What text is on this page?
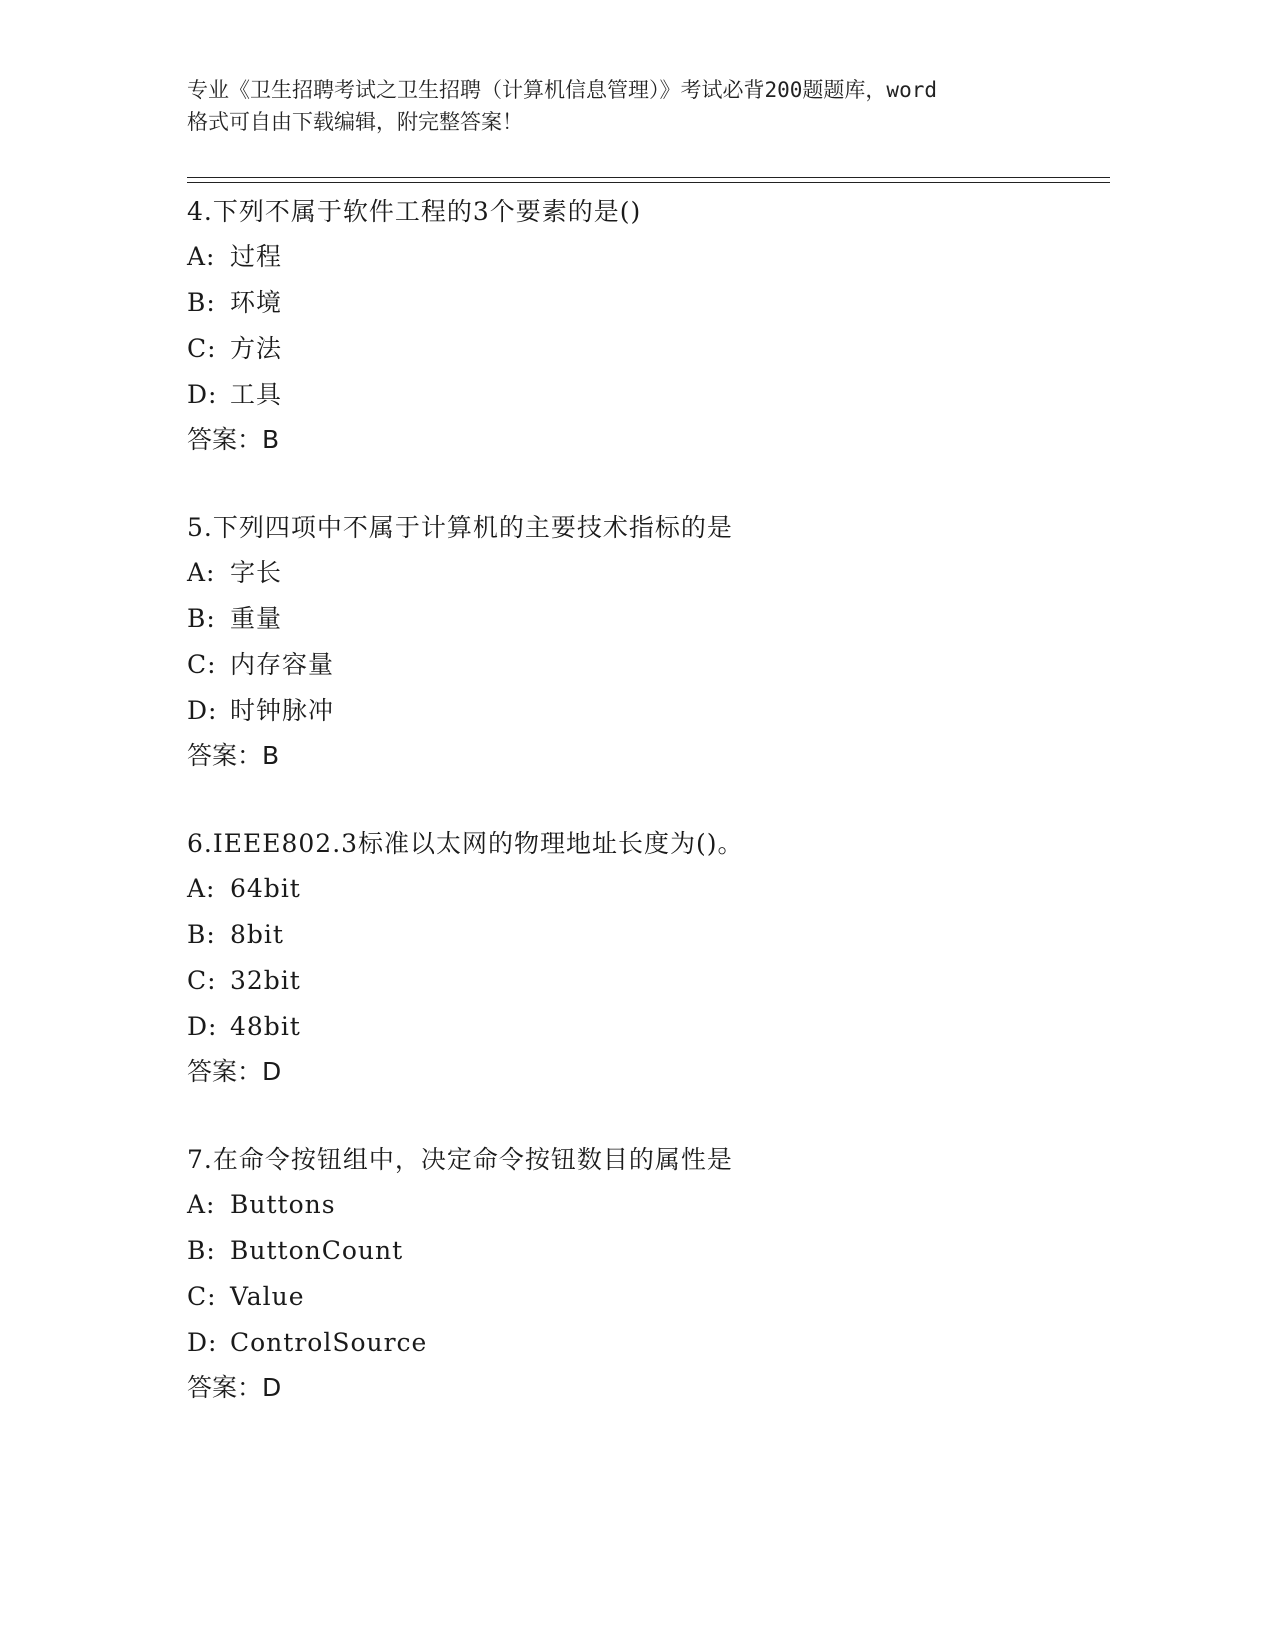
专业《卫生招聘考试之卫生招聘（计算机信息管理）》考试必背200题题库，word
格式可自由下载编辑，附完整答案！
4.下列不属于软件工程的3个要素的是()
A: 过程
B: 环境
C: 方法
D: 工具
答案：B
5.下列四项中不属于计算机的主要技术指标的是
A: 字长
B: 重量
C: 内存容量
D: 时钟脉冲
答案：B
6.IEEE802.3标准以太网的物理地址长度为()。
A: 64bit
B: 8bit
C: 32bit
D: 48bit
答案：D
7.在命令按钮组中，决定命令按钮数目的属性是
A: Buttons
B: ButtonCount
C: Value
D: ControlSource
答案：D
